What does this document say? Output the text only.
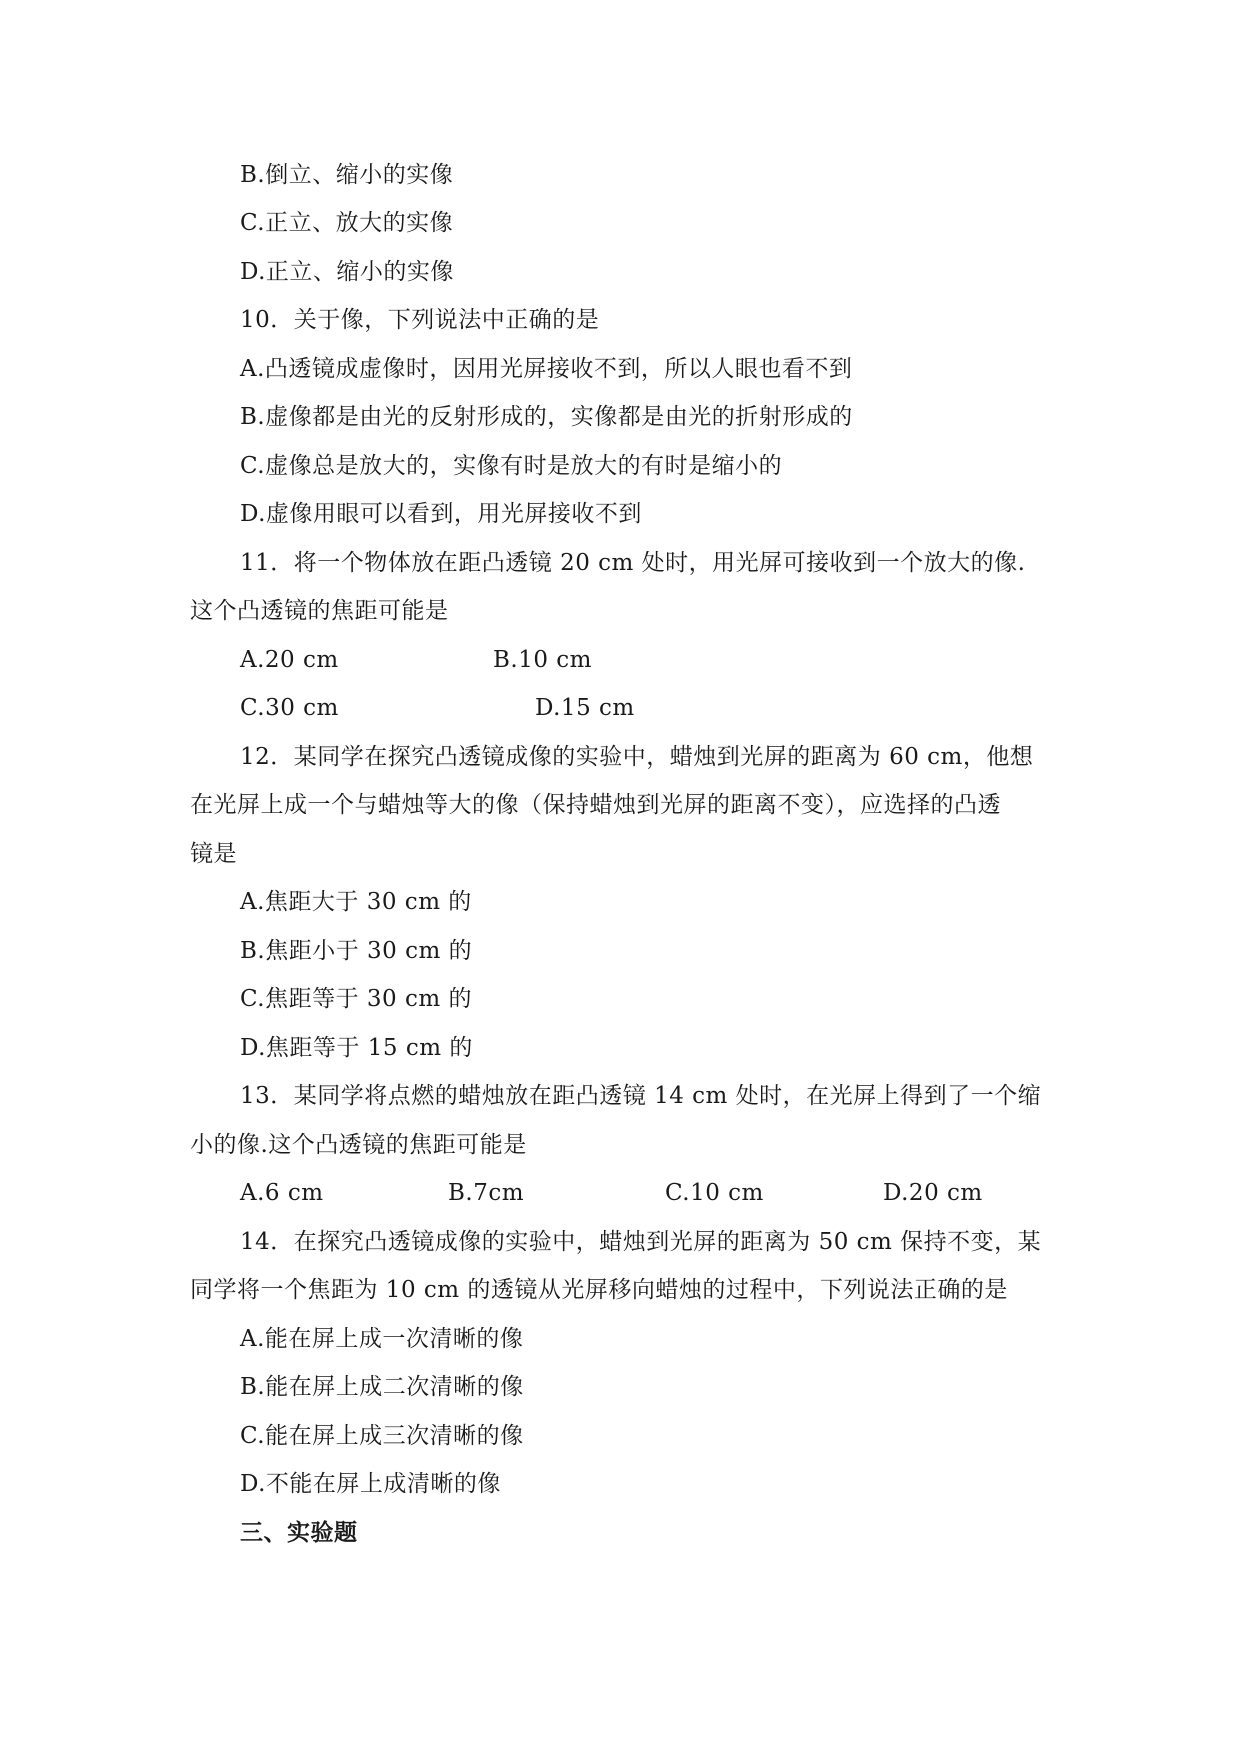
B.倒立、缩小的实像
C.正立、放大的实像
D.正立、缩小的实像
10．关于像，下列说法中正确的是
A.凸透镜成虚像时，因用光屏接收不到，所以人眼也看不到
B.虚像都是由光的反射形成的，实像都是由光的折射形成的
C.虚像总是放大的，实像有时是放大的有时是缩小的
D.虚像用眼可以看到，用光屏接收不到
11．将一个物体放在距凸透镜 20 cm 处时，用光屏可接收到一个放大的像.
这个凸透镜的焦距可能是
A.20 cm	B.10 cm
C.30 cm	D.15 cm
12．某同学在探究凸透镜成像的实验中，蜡烛到光屏的距离为 60 cm，他想
在光屏上成一个与蜡烛等大的像（保持蜡烛到光屏的距离不变），应选择的凸透
镜是
A.焦距大于 30 cm 的
B.焦距小于 30 cm 的
C.焦距等于 30 cm 的
D.焦距等于 15 cm 的
13．某同学将点燃的蜡烛放在距凸透镜 14 cm 处时，在光屏上得到了一个缩
小的像.这个凸透镜的焦距可能是
A.6 cm	B.7cm	C.10 cm	D.20 cm
14．在探究凸透镜成像的实验中，蜡烛到光屏的距离为 50 cm 保持不变，某
同学将一个焦距为 10 cm 的透镜从光屏移向蜡烛的过程中，下列说法正确的是
A.能在屏上成一次清晰的像
B.能在屏上成二次清晰的像
C.能在屏上成三次清晰的像
D.不能在屏上成清晰的像
三、实验题
